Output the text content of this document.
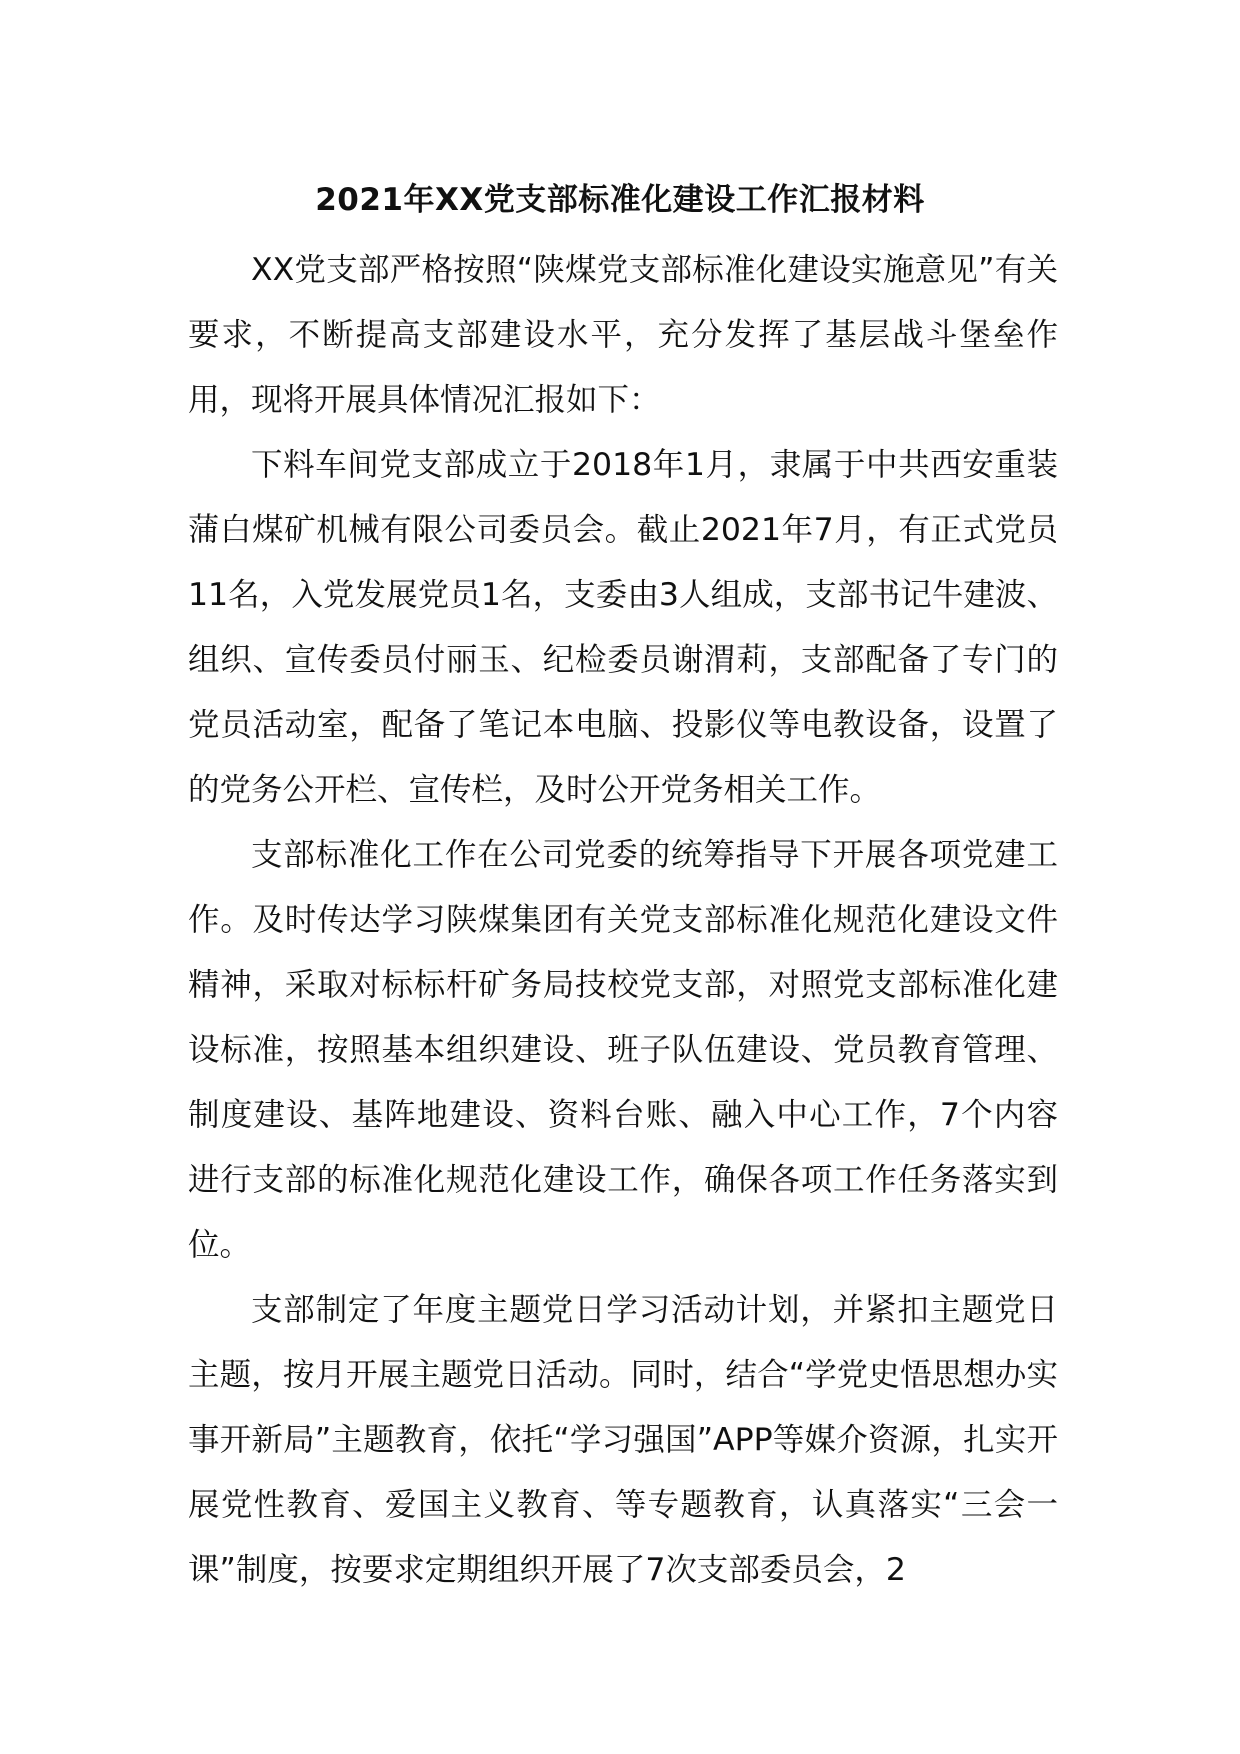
2021年XX党支部标准化建设工作汇报材料

XX党支部严格按照“陕煤党支部标准化建设实施意见”有关要求，不断提高支部建设水平，充分发挥了基层战斗堡垒作用，现将开展具体情况汇报如下：

下料车间党支部成立于2018年1月，隶属于中共西安重装蒲白煤矿机械有限公司委员会。截止2021年7月，有正式党员11名，入党发展党员1名，支委由3人组成，支部书记牛建波、组织、宣传委员付丽玉、纪检委员谢渭莉，支部配备了专门的党员活动室，配备了笔记本电脑、投影仪等电教设备，设置了的党务公开栏、宣传栏，及时公开党务相关工作。

支部标准化工作在公司党委的统筹指导下开展各项党建工作。及时传达学习陕煤集团有关党支部标准化规范化建设文件精神，采取对标标杆矿务局技校党支部，对照党支部标准化建设标准，按照基本组织建设、班子队伍建设、党员教育管理、制度建设、基阵地建设、资料台账、融入中心工作，7个内容进行支部的标准化规范化建设工作，确保各项工作任务落实到位。

支部制定了年度主题党日学习活动计划，并紧扣主题党日主题，按月开展主题党日活动。同时，结合“学党史悟思想办实事开新局”主题教育，依托“学习强国”APP等媒介资源，扎实开展党性教育、爱国主义教育、等专题教育，认真落实“三会一课”制度，按要求定期组织开展了7次支部委员会，2
